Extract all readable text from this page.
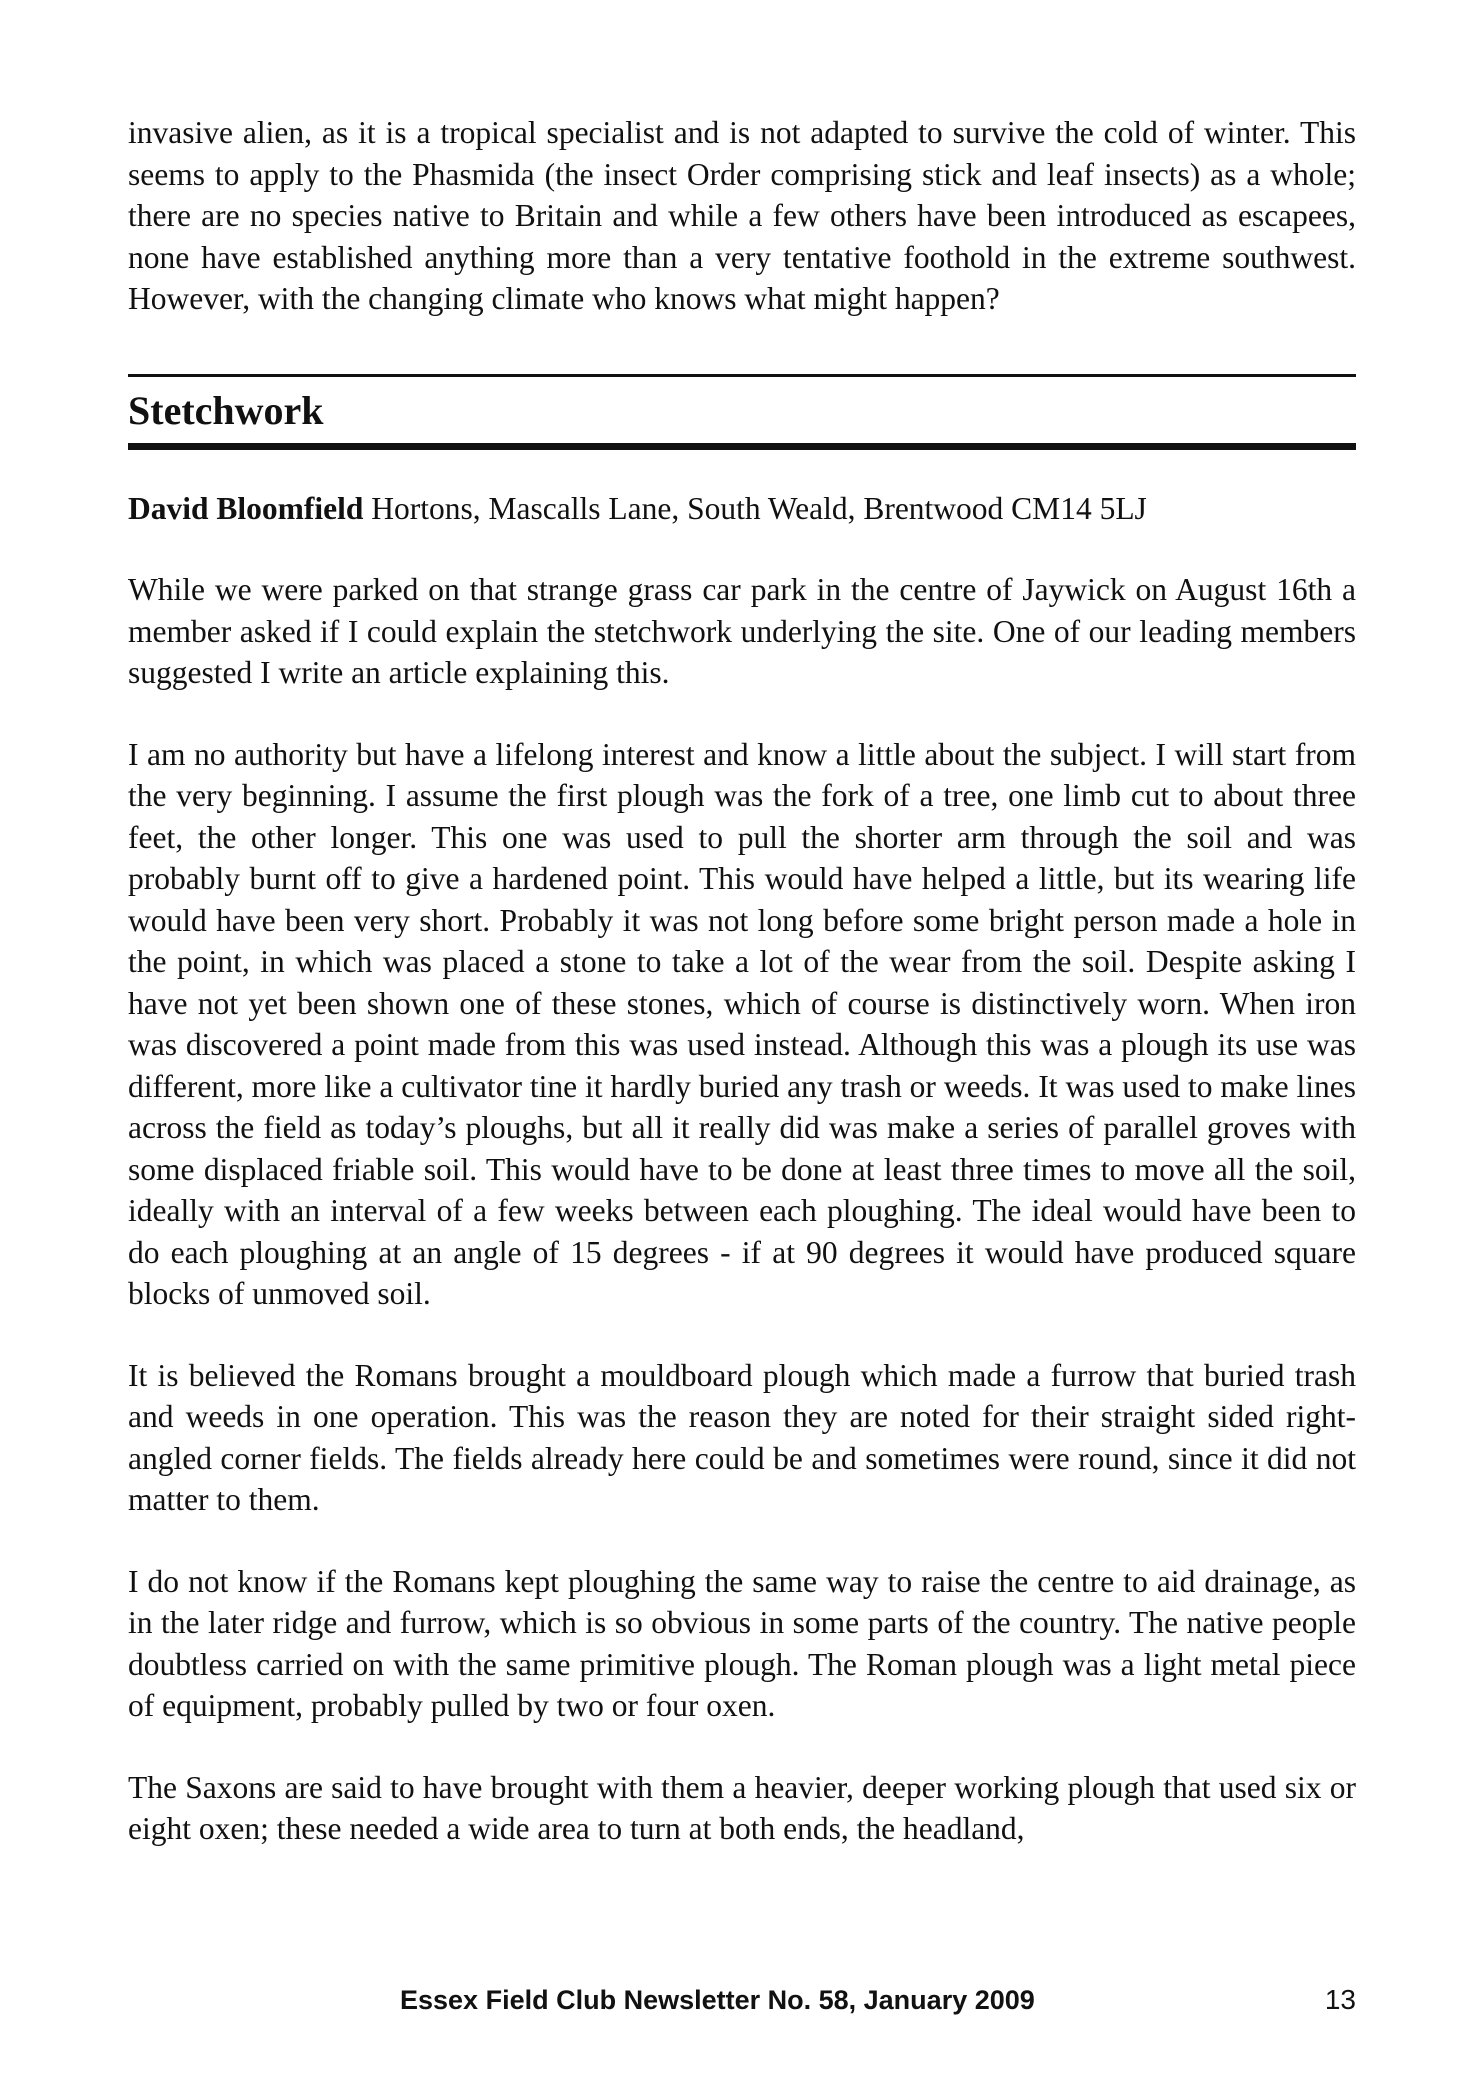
invasive alien, as it is a tropical specialist and is not adapted to survive the cold of winter. This seems to apply to the Phasmida (the insect Order comprising stick and leaf insects) as a whole; there are no species native to Britain and while a few others have been introduced as escapees, none have established anything more than a very tentative foothold in the extreme southwest. However, with the changing climate who knows what might happen?

Stetchwork

David Bloomfield Hortons, Mascalls Lane, South Weald, Brentwood CM14 5LJ

While we were parked on that strange grass car park in the centre of Jaywick on August 16th a member asked if I could explain the stetchwork underlying the site. One of our leading members suggested I write an article explaining this.

I am no authority but have a lifelong interest and know a little about the subject. I will start from the very beginning. I assume the first plough was the fork of a tree, one limb cut to about three feet, the other longer. This one was used to pull the shorter arm through the soil and was probably burnt off to give a hardened point. This would have helped a little, but its wearing life would have been very short. Probably it was not long before some bright person made a hole in the point, in which was placed a stone to take a lot of the wear from the soil. Despite asking I have not yet been shown one of these stones, which of course is distinctively worn. When iron was discovered a point made from this was used instead. Although this was a plough its use was different, more like a cultivator tine it hardly buried any trash or weeds. It was used to make lines across the field as today’s ploughs, but all it really did was make a series of parallel groves with some displaced friable soil. This would have to be done at least three times to move all the soil, ideally with an interval of a few weeks between each ploughing. The ideal would have been to do each ploughing at an angle of 15 degrees - if at 90 degrees it would have produced square blocks of unmoved soil.

It is believed the Romans brought a mouldboard plough which made a furrow that buried trash and weeds in one operation. This was the reason they are noted for their straight sided right-angled corner fields. The fields already here could be and sometimes were round, since it did not matter to them.

I do not know if the Romans kept ploughing the same way to raise the centre to aid drainage, as in the later ridge and furrow, which is so obvious in some parts of the country. The native people doubtless carried on with the same primitive plough. The Roman plough was a light metal piece of equipment, probably pulled by two or four oxen.

The Saxons are said to have brought with them a heavier, deeper working plough that used six or eight oxen; these needed a wide area to turn at both ends, the headland,

Essex Field Club Newsletter No. 58, January 2009	13
